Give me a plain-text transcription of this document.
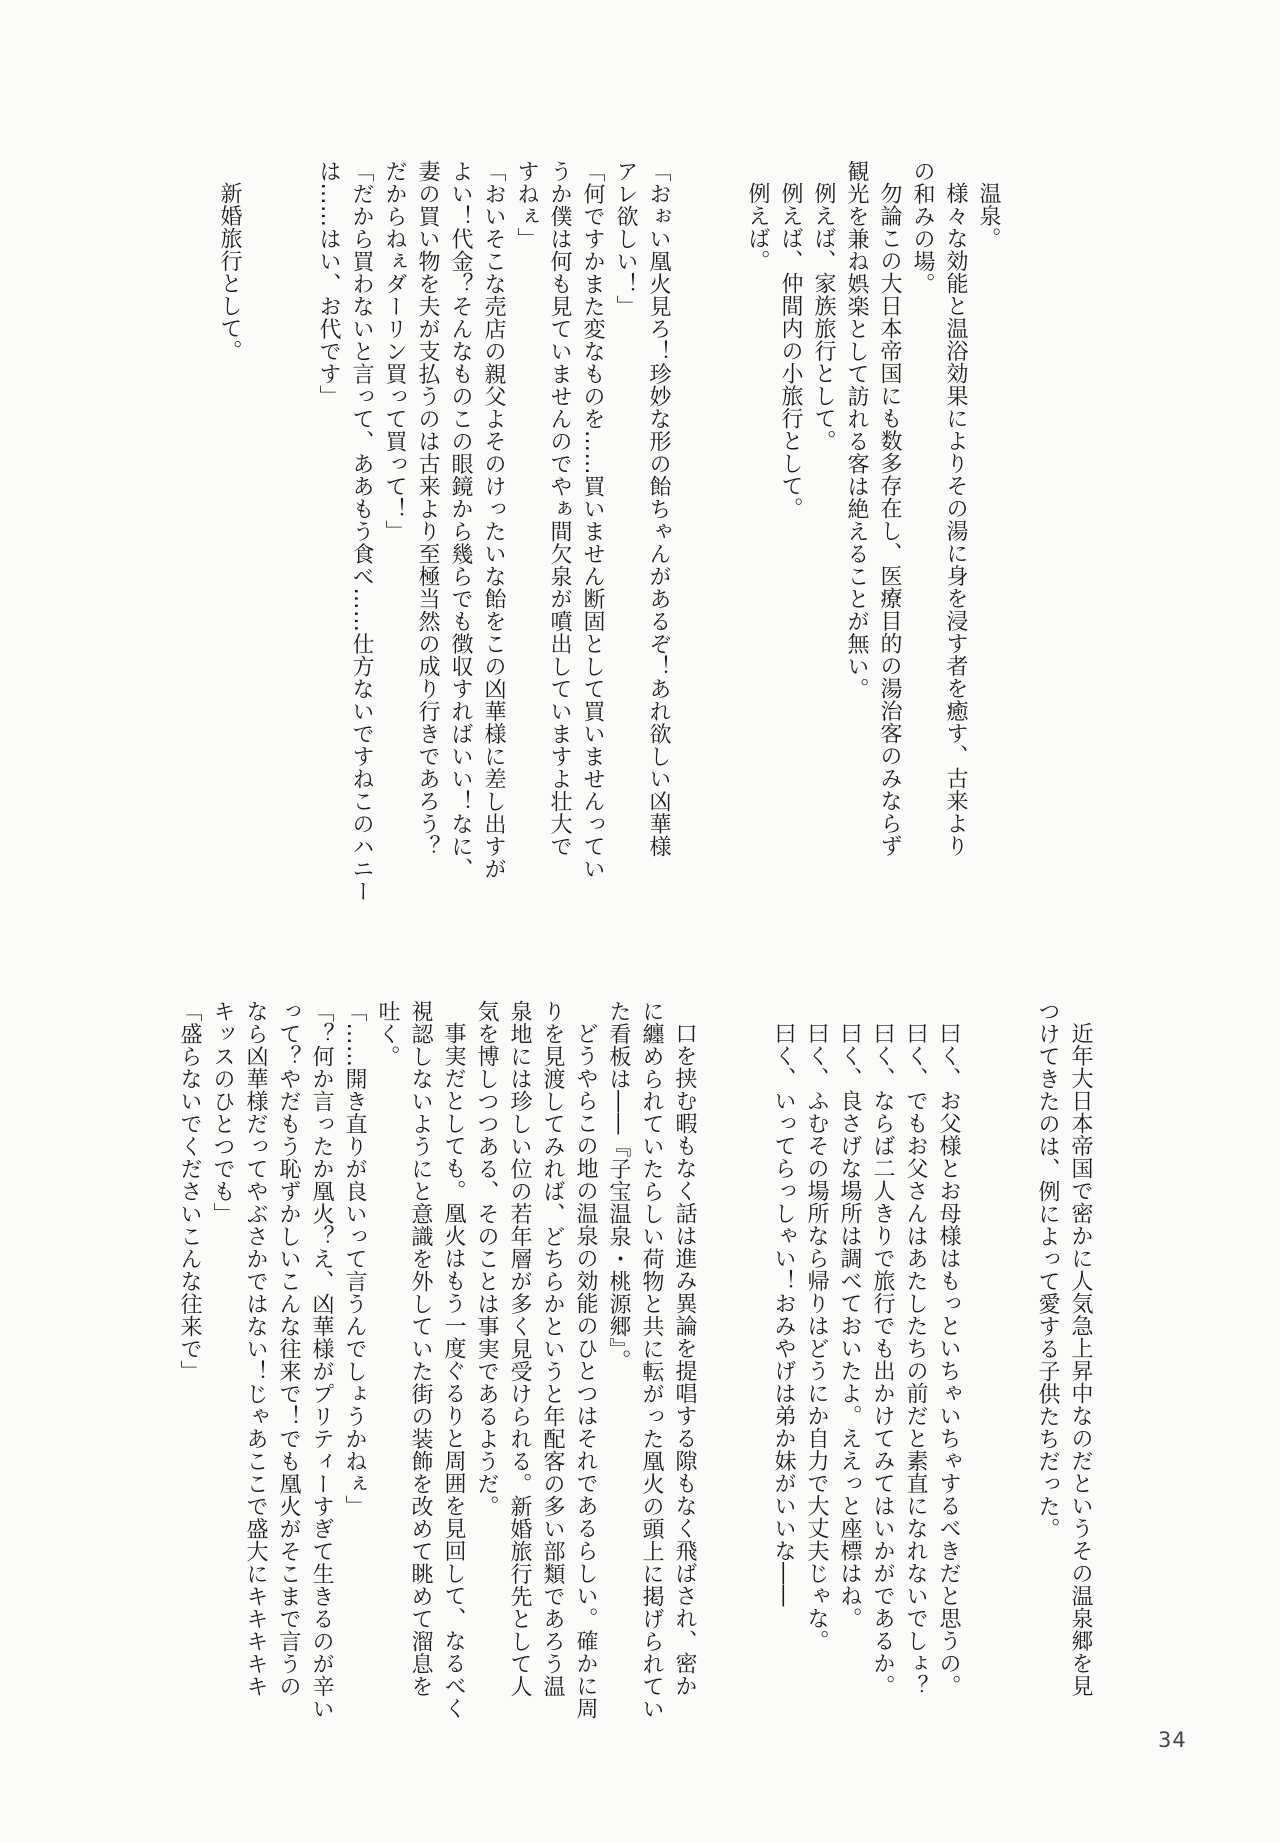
温泉。

様々な効能と温浴効果によりその湯に身を浸す者を癒す、古来より

の和みの場。

勿論この大日本帝国にも数多存在し、医療目的の湯治客のみならず

観光を兼ね娯楽として訪れる客は絶えることが無い。

例えば、家族旅行として。

例えば、仲間内の小旅行として。

例えば。

「おぉい凰火見ろ！珍妙な形の飴ちゃんがあるぞ！あれ欲しい凶華様

アレ欲しい！」

「何ですかまた変なものを……買いません断固として買いませんってい

うか僕は何も見ていませんのでやぁ間欠泉が噴出していますよ壮大で

すねぇ」

「おいそこな売店の親父よそのけったいな飴をこの凶華様に差し出すが

よい！代金？そんなものこの眼鏡から幾らでも徴収すればいい！なに、

妻の買い物を夫が支払うのは古来より至極当然の成り行きであろう？

だからねぇダーリン買って買って！」

「だから買わないと言って、ああもう食べ……仕方ないですねこのハニー

は……はい、お代です」

新婚旅行として。

近年大日本帝国で密かに人気急上昇中なのだというその温泉郷を見

つけてきたのは、例によって愛する子供たちだった。

曰く、お父様とお母様はもっといちゃいちゃするべきだと思うの。

曰く、でもお父さんはあたしたちの前だと素直になれないでしょ？

曰く、ならば二人きりで旅行でも出かけてみてはいかがであるか。

曰く、良さげな場所は調べておいたよ。ええっと座標はね。

曰く、ふむその場所なら帰りはどうにか自力で大丈夫じゃな。

曰く、いってらっしゃい！おみやげは弟か妹がいいな――

口を挟む暇もなく話は進み異論を提唱する隙もなく飛ばされ、密か

に纏められていたらしい荷物と共に転がった凰火の頭上に掲げられてい

た看板は――『子宝温泉・桃源郷』。

どうやらこの地の温泉の効能のひとつはそれであるらしい。確かに周

りを見渡してみれば、どちらかというと年配客の多い部類であろう温

泉地には珍しい位の若年層が多く見受けられる。新婚旅行先として人

気を博しつつある、そのことは事実であるようだ。

事実だとしても。凰火はもう一度ぐるりと周囲を見回して、なるべく

視認しないようにと意識を外していた街の装飾を改めて眺めて溜息を

吐く。

「……開き直りが良いって言うんでしょうかねぇ」

「？何か言ったか凰火？え、凶華様がプリティーすぎて生きるのが辛い

って？やだもう恥ずかしいこんな往来で！でも凰火がそこまで言うの

なら凶華様だってやぶさかではない！じゃあここで盛大にキキキキキ

キッスのひとつでも」

「盛らないでくださいこんな往来で」

34
